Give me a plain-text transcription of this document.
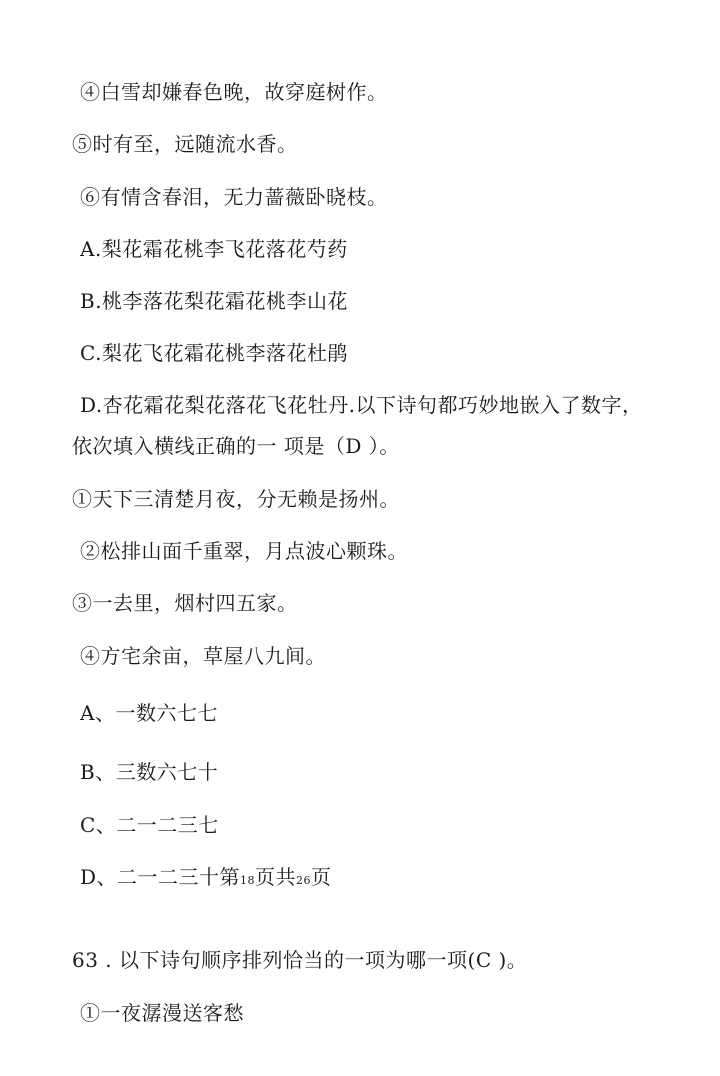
④白雪却嫌春色晚，故穿庭树作。
⑤时有至，远随流水香。
⑥有情含春泪，无力蔷薇卧晓枝。
A.梨花霜花桃李飞花落花芍药
B.桃李落花梨花霜花桃李山花
C.梨花飞花霜花桃李落花杜鹃
D.杏花霜花梨花落花飞花牡丹.以下诗句都巧妙地嵌入了数字，
依次填入横线正确的一 项是（D ）。
①天下三清楚月夜，分无赖是扬州。
②松排山面千重翠，月点波心颗珠。
③一去里，烟村四五家。
④方宅余亩，草屋八九间。
A、一数六七七
B、三数六七十
C、二一二三七
D、二一二三十第18页共26页
63 . 以下诗句顺序排列恰当的一项为哪一项(C )。
①一夜潺漫送客愁
